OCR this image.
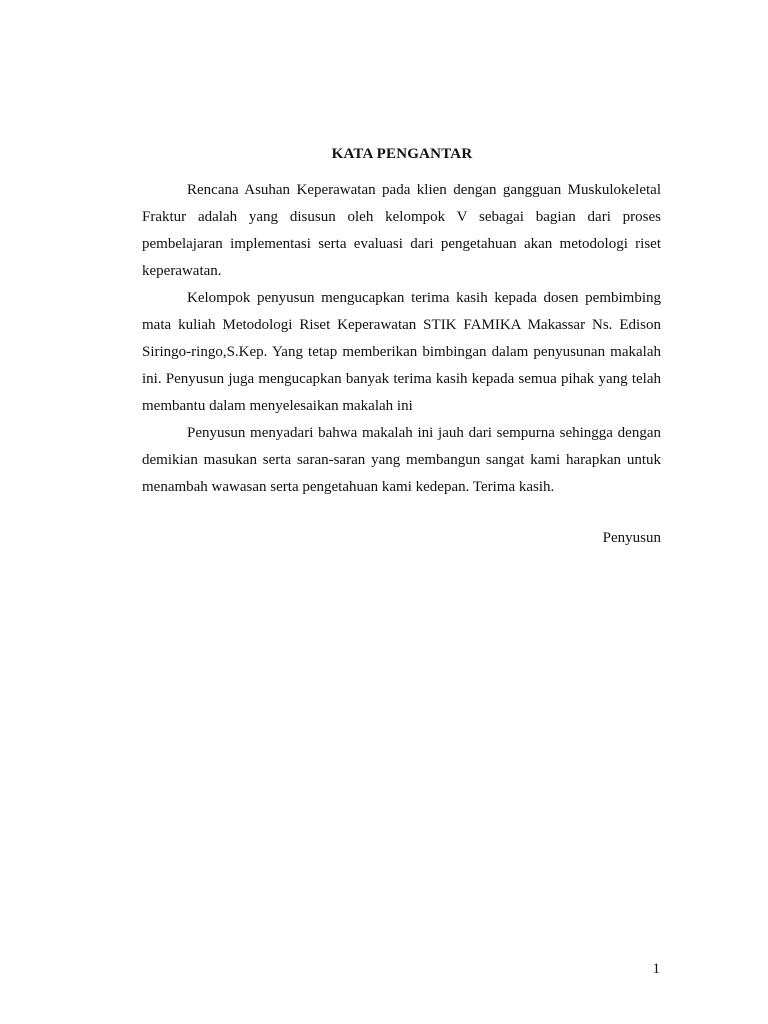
KATA PENGANTAR

Rencana Asuhan Keperawatan pada klien dengan gangguan Muskulokeletal Fraktur adalah yang disusun oleh kelompok V sebagai bagian dari proses pembelajaran implementasi serta evaluasi dari pengetahuan akan metodologi riset keperawatan.

Kelompok penyusun mengucapkan terima kasih kepada dosen pembimbing mata kuliah Metodologi Riset Keperawatan STIK FAMIKA Makassar Ns. Edison Siringo-ringo,S.Kep. Yang tetap memberikan bimbingan dalam penyusunan makalah ini. Penyusun juga mengucapkan banyak terima kasih kepada semua pihak yang telah membantu dalam menyelesaikan makalah ini

Penyusun menyadari bahwa makalah ini jauh dari sempurna sehingga dengan demikian masukan serta saran-saran yang membangun sangat kami harapkan untuk menambah wawasan serta pengetahuan kami kedepan. Terima kasih.

Penyusun
1
